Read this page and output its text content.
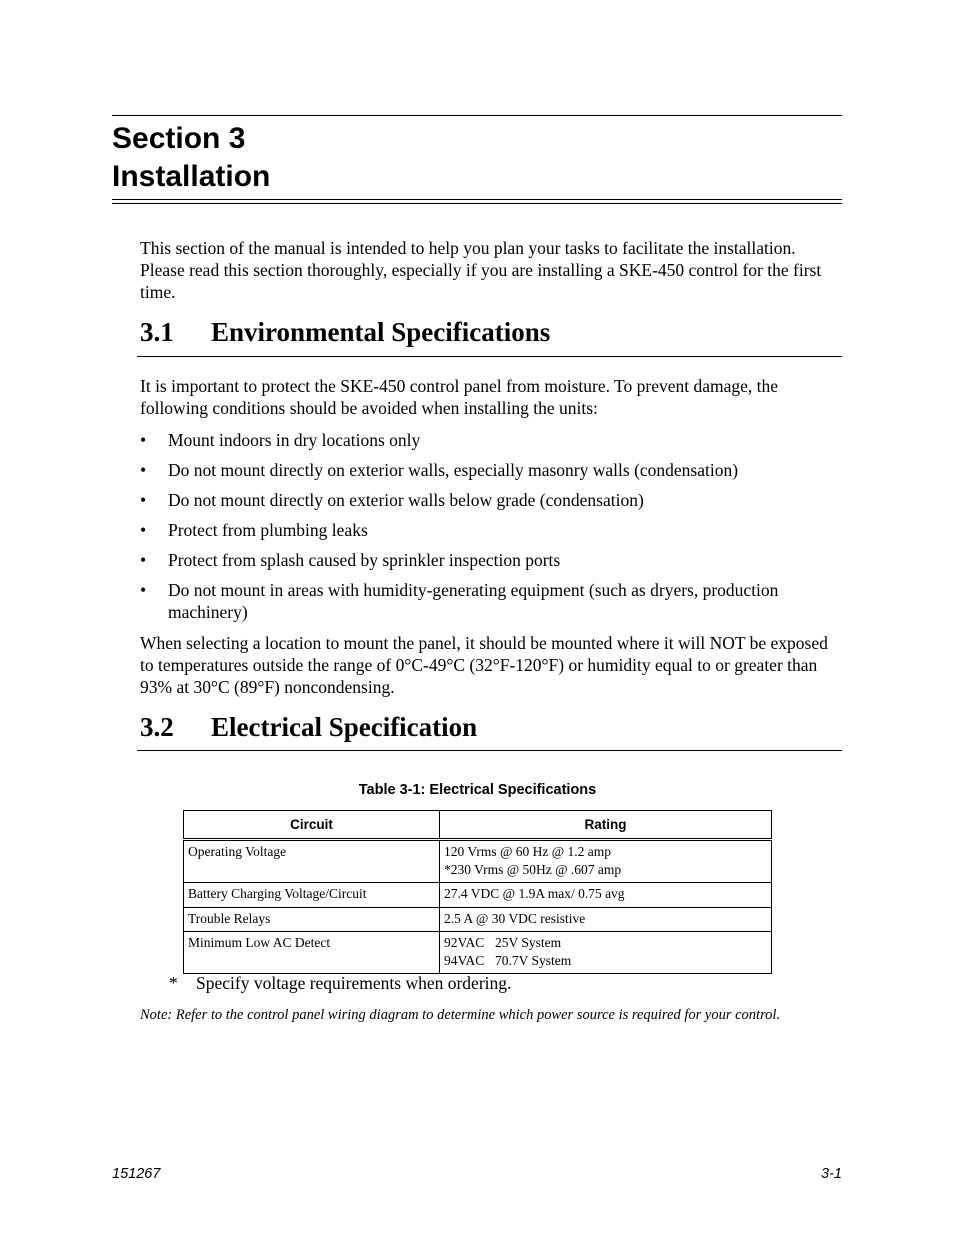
Section 3
Installation
This section of the manual is intended to help you plan your tasks to facilitate the installation. Please read this section thoroughly, especially if you are installing a SKE-450 control for the first time.
3.1 Environmental Specifications
It is important to protect the SKE-450 control panel from moisture. To prevent damage, the following conditions should be avoided when installing the units:
• Mount indoors in dry locations only
• Do not mount directly on exterior walls, especially masonry walls (condensation)
• Do not mount directly on exterior walls below grade (condensation)
• Protect from plumbing leaks
• Protect from splash caused by sprinkler inspection ports
• Do not mount in areas with humidity-generating equipment (such as dryers, production machinery)
When selecting a location to mount the panel, it should be mounted where it will NOT be exposed to temperatures outside the range of 0°C-49°C (32°F-120°F) or humidity equal to or greater than 93% at 30°C (89°F) noncondensing.
3.2 Electrical Specification
Table 3-1: Electrical Specifications
Circuit	Rating
Operating Voltage	120 Vrms @ 60 Hz @ 1.2 amp
*230 Vrms @ 50Hz @ .607 amp

Battery Charging Voltage/Circuit	27.4 VDC @ 1.9A max/ 0.75 avg

Trouble Relays	2.5 A @ 30 VDC resistive

Minimum Low AC Detect	92VAC 25V System
94VAC 70.7V System
* Specify voltage requirements when ordering.
Note: Refer to the control panel wiring diagram to determine which power source is required for your control.
151267	3-1
